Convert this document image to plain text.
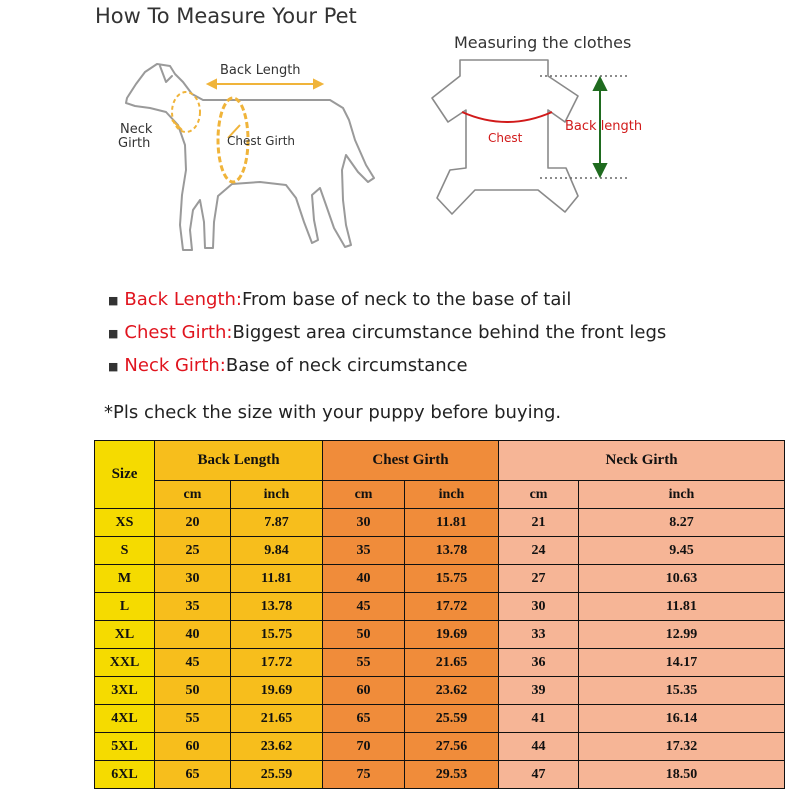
How To Measure Your Pet
Back Length
Neck
Girth	Chest Girth	Chest
Back length
Measuring the clothes
■ Back Length:From base of neck to the base of tail
■ Chest Girth:Biggest area circumstance behind the front legs
■ Neck Girth:Base of neck circumstance
*Pls check the size with your puppy before buying.
Size	Back Length		Chest Girth		Neck Girth	
	cm	inch	cm	inch	cm	inch
XS	20	7.87	30	11.81	21	8.27
S	25	9.84	35	13.78	24	9.45
M	30	11.81	40	15.75	27	10.63
L	35	13.78	45	17.72	30	11.81
XL	40	15.75	50	19.69	33	12.99
XXL	45	17.72	55	21.65	36	14.17
3XL	50	19.69	60	23.62	39	15.35
4XL	55	21.65	65	25.59	41	16.14
5XL	60	23.62	70	27.56	44	17.32
6XL	65	25.59	75	29.53	47	18.50
